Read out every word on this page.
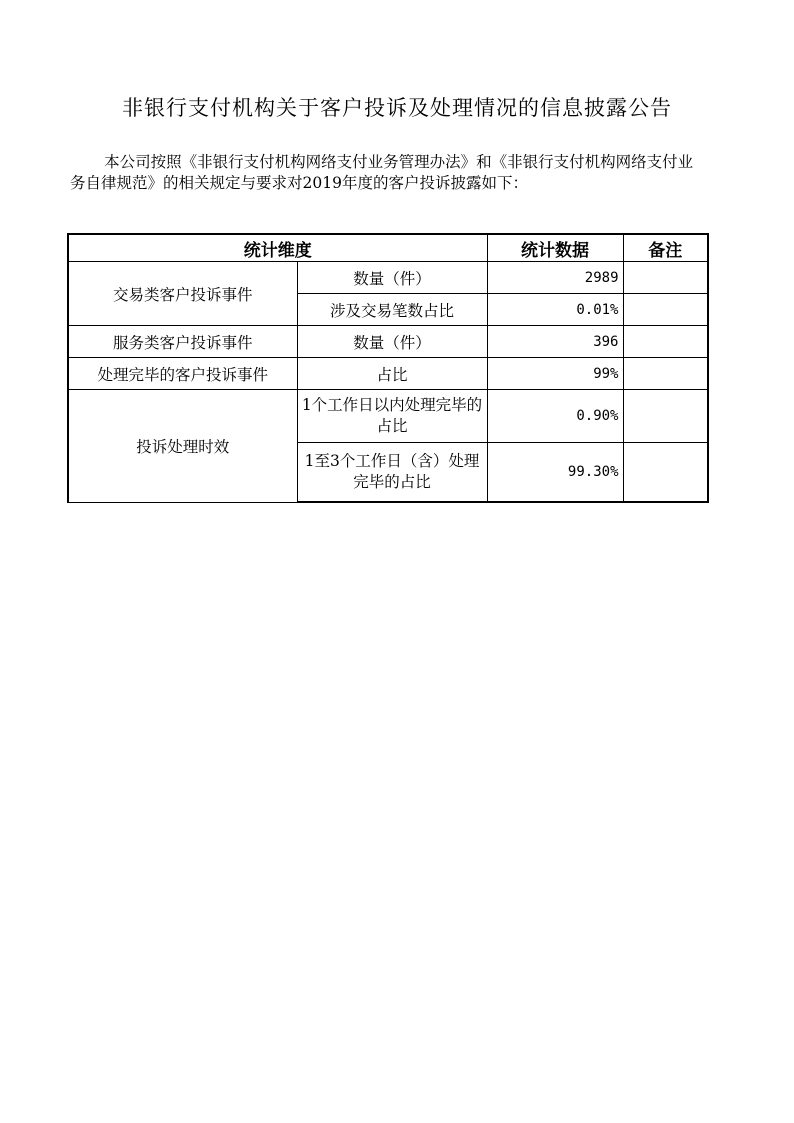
非银行支付机构关于客户投诉及处理情况的信息披露公告

本公司按照《非银行支付机构网络支付业务管理办法》和《非银行支付机构网络支付业务自律规范》的相关规定与要求对2019年度的客户投诉披露如下：

统计维度		统计数据	备注
交易类客户投诉事件	数量（件）	2989	
	涉及交易笔数占比	0.01%	
服务类客户投诉事件	数量（件）	396	
处理完毕的客户投诉事件	占比	99%	
投诉处理时效	1个工作日以内处理完毕的占比	0.90%	
	1至3个工作日（含）处理完毕的占比	99.30%	
